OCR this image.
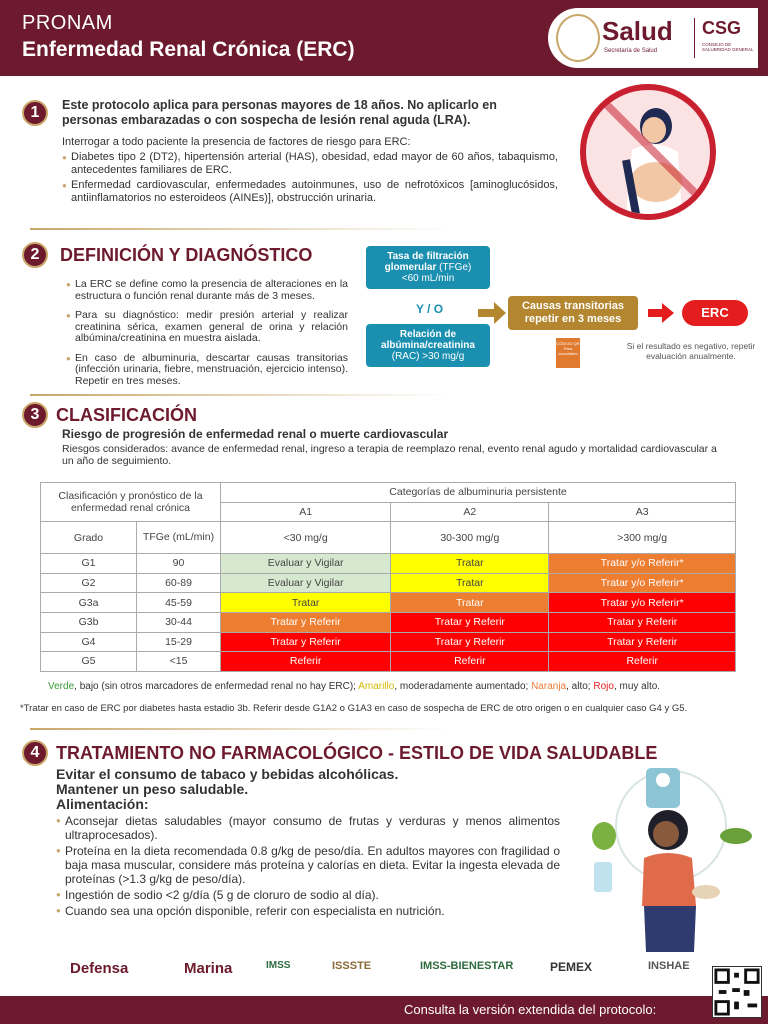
PRONAM
Enfermedad Renal Crónica (ERC)
Salud
Secretaría de Salud
CSG
CONSEJO DE SALUBRIDAD GENERAL
1	Este protocolo aplica para personas mayores de 18 años. No aplicarlo en personas embarazadas o con sospecha de lesión renal aguda (LRA).
Interrogar a todo paciente la presencia de factores de riesgo para ERC:
● Diabetes tipo 2 (DT2), hipertensión arterial (HAS), obesidad, edad mayor de 60 años, tabaquismo, antecedentes familiares de ERC.
● Enfermedad cardiovascular, enfermedades autoinmunes, uso de nefrotóxicos [aminoglucósidos, antiinflamatorios no esteroideos (AINEs)], obstrucción urinaria.
2	DEFINICIÓN Y DIAGNÓSTICO
● La ERC se define como la presencia de alteraciones en la estructura o función renal durante más de 3 meses.
● Para su diagnóstico: medir presión arterial y realizar creatinina sérica, examen general de orina y relación albúmina/creatinina en muestra aislada.
● En caso de albuminuria, descartar causas transitorias (infección urinaria, fiebre, menstruación, ejercicio intenso). Repetir en tres meses.
Tasa de filtración glomerular (TFGe)
<60 mL/min
Y / O
Relación de albúmina/creatinina
(RAC) >30 mg/g
Causas transitorias repetir en 3 meses	ERC
CÓDIGO QR Para consultarlo
Si el resultado es negativo, repetir evaluación anualmente.
3 CLASIFICACIÓN
Riesgo de progresión de enfermedad renal o muerte cardiovascular
Riesgos considerados: avance de enfermedad renal, ingreso a terapia de reemplazo renal, evento renal agudo y mortalidad cardiovascular a un año de seguimiento.
Clasificación y pronóstico de la enfermedad renal crónica		Categorías de albuminuria persistente		
		A1	A2	A3
Grado	TFGe (mL/min)	<30 mg/g	30-300 mg/g	>300 mg/g
G1	90	Evaluar y Vigilar	Tratar	Tratar y/o Referir*
G2	60-89	Evaluar y Vigilar	Tratar	Tratar y/o Referir*
G3a	45-59	Tratar	Tratar	Tratar y/o Referir*
G3b	30-44	Tratar y Referir	Tratar y Referir	Tratar y Referir
G4	15-29	Tratar y Referir	Tratar y Referir	Tratar y Referir
G5	<15	Referir	Referir	Referir
Verde, bajo (sin otros marcadores de enfermedad renal no hay ERC); Amarillo, moderadamente aumentado; Naranja, alto; Rojo, muy alto.
*Tratar en caso de ERC por diabetes hasta estadio 3b. Referir desde G1A2 o G1A3 en caso de sospecha de ERC de otro origen o en cualquier caso G4 y G5.
4 TRATAMIENTO NO FARMACOLÓGICO - ESTILO DE VIDA SALUDABLE
Evitar el consumo de tabaco y bebidas alcohólicas.
Mantener un peso saludable.
Alimentación:
● Aconsejar dietas saludables (mayor consumo de frutas y verduras y menos alimentos ultraprocesados).
● Proteína en la dieta recomendada 0.8 g/kg de peso/día. En adultos mayores con fragilidad o baja masa muscular, considere más proteína y calorías en dieta. Evitar la ingesta elevada de proteínas (>1.3 g/kg de peso/día).
● Ingestión de sodio <2 g/día (5 g de cloruro de sodio al día).
● Cuando sea una opción disponible, referir con especialista en nutrición.
Defensa	Marina	IMSS	ISSSTE	IMSS-BIENESTAR	PEMEX	INSHAE
Consulta la versión extendida del protocolo:
